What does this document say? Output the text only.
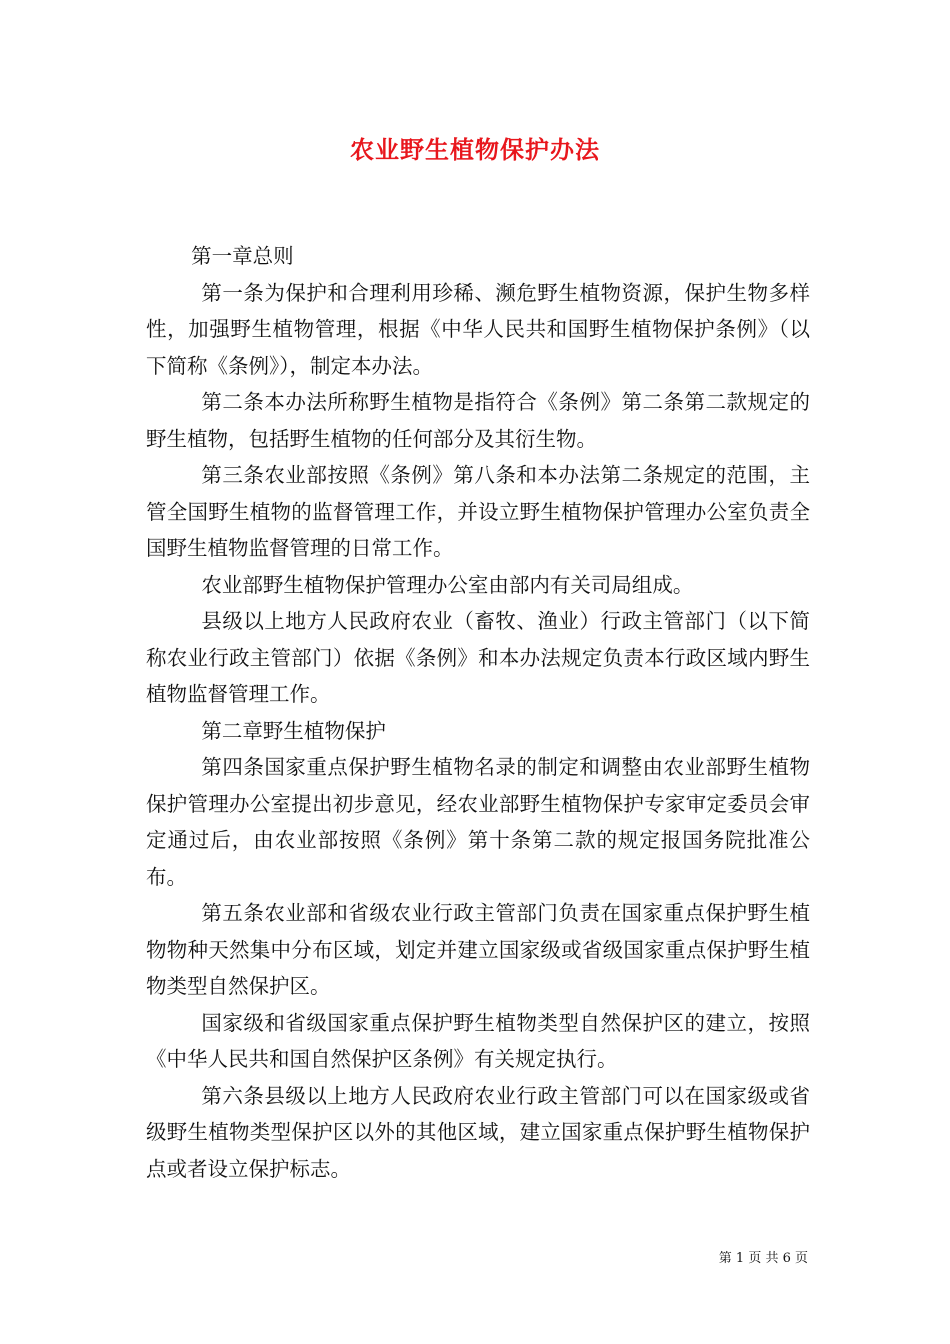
农业野生植物保护办法

第一章总则

第一条为保护和合理利用珍稀、濒危野生植物资源，保护生物多样性，加强野生植物管理，根据《中华人民共和国野生植物保护条例》（以下简称《条例》），制定本办法。

第二条本办法所称野生植物是指符合《条例》第二条第二款规定的野生植物，包括野生植物的任何部分及其衍生物。

第三条农业部按照《条例》第八条和本办法第二条规定的范围，主管全国野生植物的监督管理工作，并设立野生植物保护管理办公室负责全国野生植物监督管理的日常工作。

农业部野生植物保护管理办公室由部内有关司局组成。

县级以上地方人民政府农业（畜牧、渔业）行政主管部门（以下简称农业行政主管部门）依据《条例》和本办法规定负责本行政区域内野生植物监督管理工作。

第二章野生植物保护

第四条国家重点保护野生植物名录的制定和调整由农业部野生植物保护管理办公室提出初步意见，经农业部野生植物保护专家审定委员会审定通过后，由农业部按照《条例》第十条第二款的规定报国务院批准公布。

第五条农业部和省级农业行政主管部门负责在国家重点保护野生植物物种天然集中分布区域，划定并建立国家级或省级国家重点保护野生植物类型自然保护区。

国家级和省级国家重点保护野生植物类型自然保护区的建立，按照《中华人民共和国自然保护区条例》有关规定执行。

第六条县级以上地方人民政府农业行政主管部门可以在国家级或省级野生植物类型保护区以外的其他区域，建立国家重点保护野生植物保护点或者设立保护标志。

第 1 页 共 6 页
